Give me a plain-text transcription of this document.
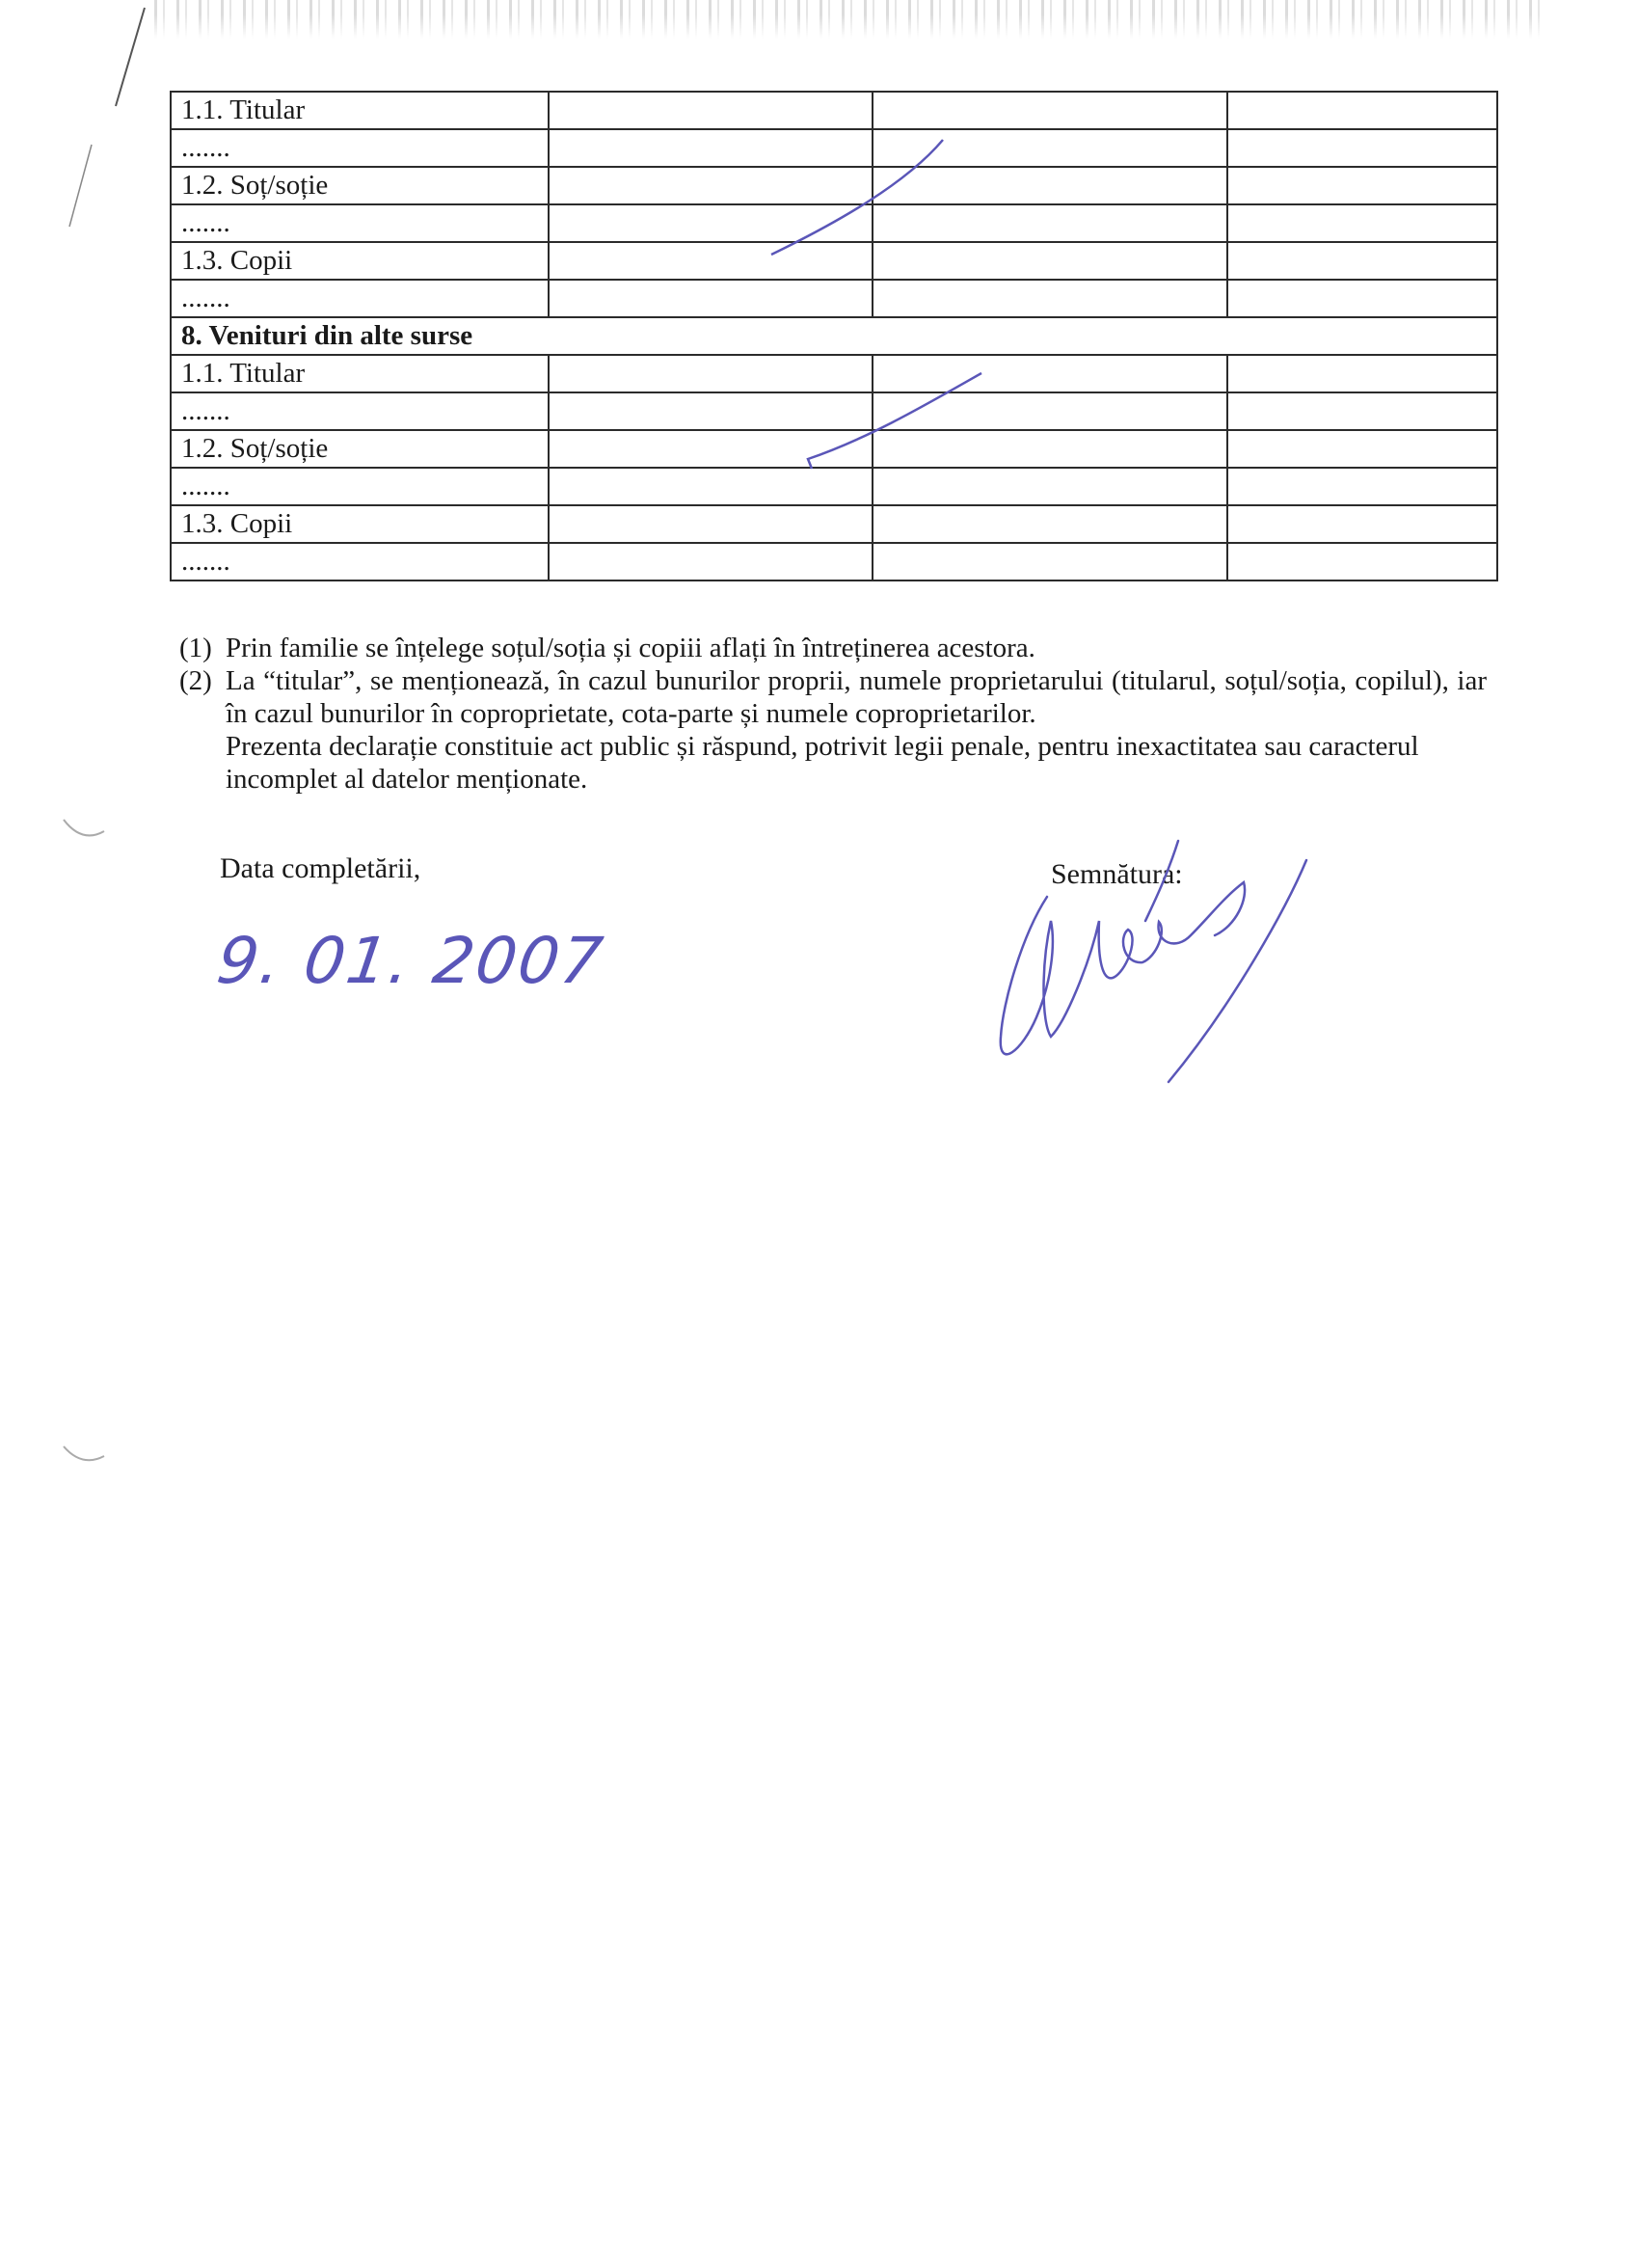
1.1. Titular			
.......			
1.2. Soț/soție			
.......			
1.3. Copii			
.......			
8. Venituri din alte surse			
1.1. Titular			
.......			
1.2. Soț/soție			
.......			
1.3. Copii			
.......			
(1) Prin familie se înțelege soțul/soția și copiii aflați în întreținerea acestora.
(2) La “titular”, se menționează, în cazul bunurilor proprii, numele proprietarului (titularul, soțul/soția, copilul), iar în cazul bunurilor în coproprietate, cota-parte și numele coproprietarilor.
Prezenta declarație constituie act public și răspund, potrivit legii penale, pentru inexactitatea sau caracterul incomplet al datelor menționate.
Data completării,	Semnătura:
9. 01. 2007
